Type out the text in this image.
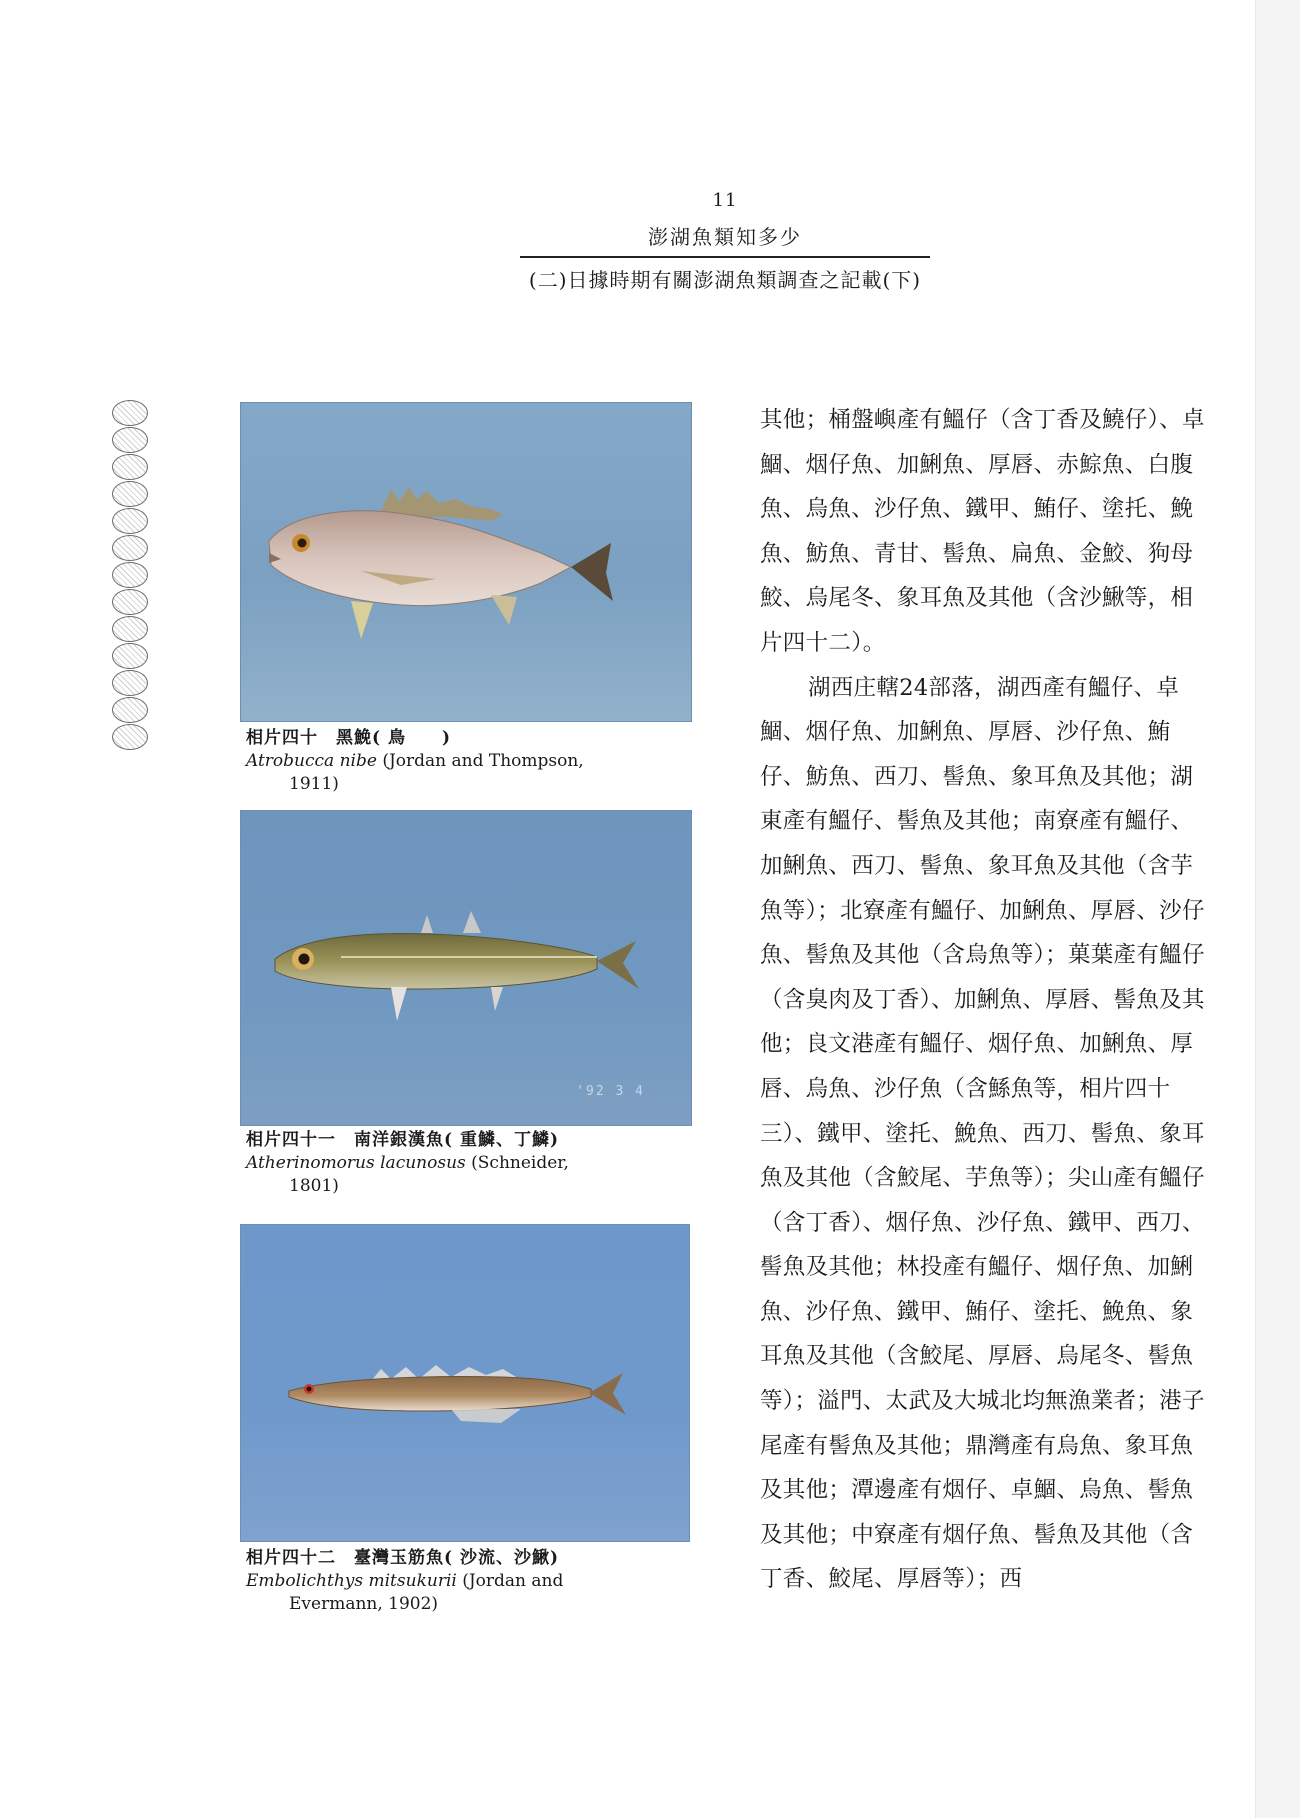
11
澎湖魚類知多少
(二)日據時期有關澎湖魚類調查之記載(下)
相片四十　黑鮸( 鳥　　)
Atrobucca nibe (Jordan and Thompson,
1911)
'92 3 4
相片四十一　南洋銀漢魚( 重鱗、丁鱗)
Atherinomorus lacunosus (Schneider,
1801)
相片四十二　臺灣玉筋魚( 沙流、沙鰍)
Embolichthys mitsukurii (Jordan and
Evermann, 1902)

其他；桶盤嶼產有鰮仔（含丁香及鱙仔）、卓鯝、烟仔魚、加鯏魚、厚唇、赤鯮魚、白腹魚、烏魚、沙仔魚、鐵甲、鮪仔、塗托、鮸魚、魴魚、青甘、髻魚、扁魚、金鮫、狗母鮫、烏尾冬、象耳魚及其他（含沙鰍等，相片四十二）。

湖西庄轄24部落，湖西產有鰮仔、卓鯝、烟仔魚、加鯏魚、厚唇、沙仔魚、鮪仔、魴魚、西刀、髻魚、象耳魚及其他；湖東產有鰮仔、髻魚及其他；南寮產有鰮仔、加鯏魚、西刀、髻魚、象耳魚及其他（含芋魚等）；北寮產有鰮仔、加鯏魚、厚唇、沙仔魚、髻魚及其他（含烏魚等）；菓葉產有鰮仔（含臭肉及丁香）、加鯏魚、厚唇、髻魚及其他；良文港產有鰮仔、烟仔魚、加鯏魚、厚唇、烏魚、沙仔魚（含鯀魚等，相片四十三）、鐵甲、塗托、鮸魚、西刀、髻魚、象耳魚及其他（含鮫尾、芋魚等）；尖山產有鰮仔（含丁香）、烟仔魚、沙仔魚、鐵甲、西刀、髻魚及其他；林投產有鰮仔、烟仔魚、加鯏魚、沙仔魚、鐵甲、鮪仔、塗托、鮸魚、象耳魚及其他（含鮫尾、厚唇、烏尾冬、髻魚等）；溢門、太武及大城北均無漁業者；港子尾產有髻魚及其他；鼎灣產有烏魚、象耳魚及其他；潭邊產有烟仔、卓鯝、烏魚、髻魚及其他；中寮產有烟仔魚、髻魚及其他（含丁香、鮫尾、厚唇等）；西
